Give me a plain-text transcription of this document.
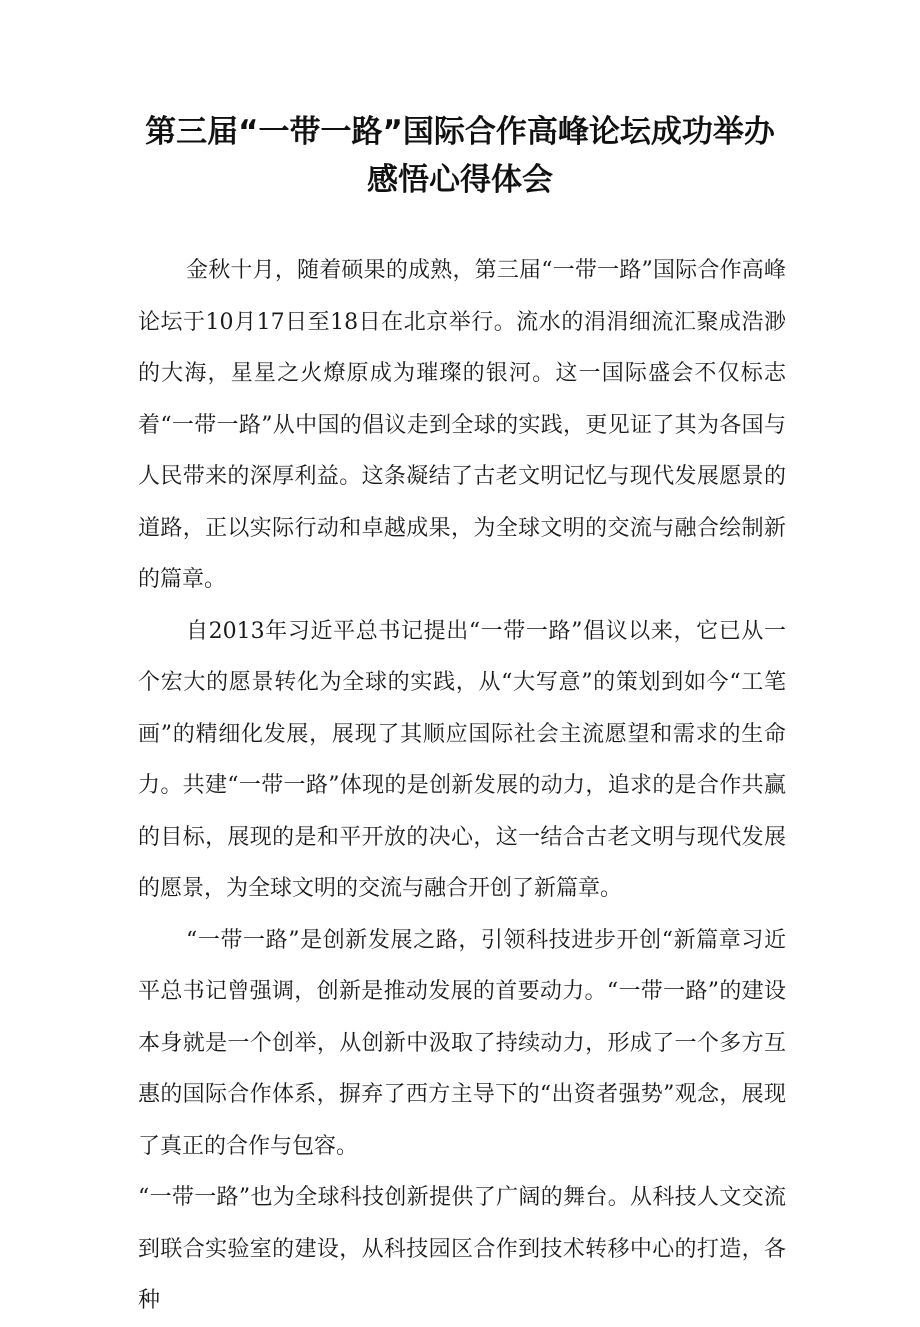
第三届“一带一路”国际合作高峰论坛成功举办
感悟心得体会

金秋十月，随着硕果的成熟，第三届“一带一路”国际合作高峰论坛于10月17日至18日在北京举行。流水的涓涓细流汇聚成浩渺的大海，星星之火燎原成为璀璨的银河。这一国际盛会不仅标志着“一带一路”从中国的倡议走到全球的实践，更见证了其为各国与人民带来的深厚利益。这条凝结了古老文明记忆与现代发展愿景的道路，正以实际行动和卓越成果，为全球文明的交流与融合绘制新的篇章。

自2013年习近平总书记提出“一带一路”倡议以来，它已从一个宏大的愿景转化为全球的实践，从“大写意”的策划到如今“工笔画”的精细化发展，展现了其顺应国际社会主流愿望和需求的生命力。共建“一带一路”体现的是创新发展的动力，追求的是合作共赢的目标，展现的是和平开放的决心，这一结合古老文明与现代发展的愿景，为全球文明的交流与融合开创了新篇章。

“一带一路”是创新发展之路，引领科技进步开创“新篇章习近平总书记曾强调，创新是推动发展的首要动力。“一带一路”的建设本身就是一个创举，从创新中汲取了持续动力，形成了一个多方互惠的国际合作体系，摒弃了西方主导下的“出资者强势”观念，展现了真正的合作与包容。

“一带一路”也为全球科技创新提供了广阔的舞台。从科技人文交流到联合实验室的建设，从科技园区合作到技术转移中心的打造，各种
